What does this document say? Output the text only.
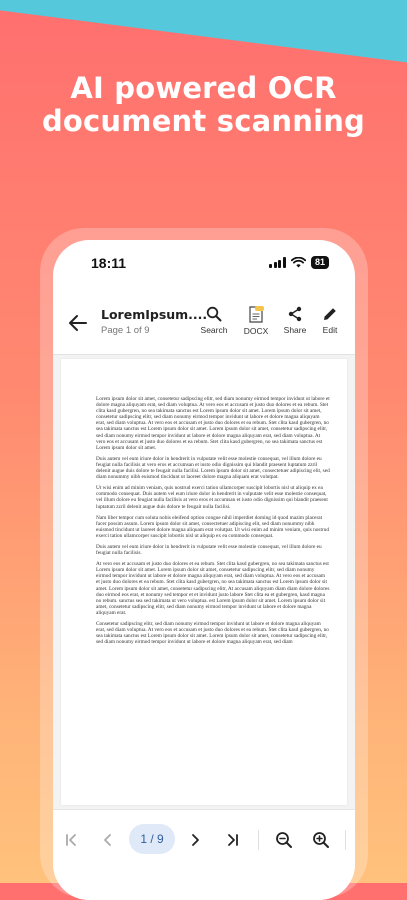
AI powered OCR
document scanning
18:11	81
LoremIpsum....
Page 1 of 9	Search	DOCX	Share	Edit

Lorem ipsum dolor sit amet, consetetur sadipscing elitr, sed diam nonumy eirmod tempor invidunt ut labore et dolore magna aliquyam erat, sed diam voluptua. At vero eos et accusam et justo duo dolores et ea rebum. Stet clita kasd gubergren, no sea takimata sanctus est Lorem ipsum dolor sit amet. Lorem ipsum dolor sit amet, consetetur sadipscing elitr, sed diam nonumy eirmod tempor invidunt ut labore et dolore magna aliquyam erat, sed diam voluptua. At vero eos et accusam et justo duo dolores et ea rebum. Stet clita kasd gubergren, no sea takimata sanctus est Lorem ipsum dolor sit amet. Lorem ipsum dolor sit amet, consetetur sadipscing elitr, sed diam nonumy eirmod tempor invidunt ut labore et dolore magna aliquyam erat, sed diam voluptua. At vero eos et accusam et justo duo dolores et ea rebum. Stet clita kasd gubergren, no sea takimata sanctus est Lorem ipsum dolor sit amet.

Duis autem vel eum iriure dolor in hendrerit in vulputate velit esse molestie consequat, vel illum dolore eu feugiat nulla facilisis at vero eros et accumsan et iusto odio dignissim qui blandit praesent luptatum zzril delenit augue duis dolore te feugait nulla facilisi. Lorem ipsum dolor sit amet, consectetuer adipiscing elit, sed diam nonummy nibh euismod tincidunt ut laoreet dolore magna aliquam erat volutpat.

Ut wisi enim ad minim veniam, quis nostrud exerci tation ullamcorper suscipit lobortis nisl ut aliquip ex ea commodo consequat. Duis autem vel eum iriure dolor in hendrerit in vulputate velit esse molestie consequat, vel illum dolore eu feugiat nulla facilisis at vero eros et accumsan et iusto odio dignissim qui blandit praesent luptatum zzril delenit augue duis dolore te feugait nulla facilisi.

Nam liber tempor cum soluta nobis eleifend option congue nihil imperdiet doming id quod mazim placerat facer possim assum. Lorem ipsum dolor sit amet, consectetuer adipiscing elit, sed diam nonummy nibh euismod tincidunt ut laoreet dolore magna aliquam erat volutpat. Ut wisi enim ad minim veniam, quis nostrud exerci tation ullamcorper suscipit lobortis nisl ut aliquip ex ea commodo consequat.

Duis autem vel eum iriure dolor in hendrerit in vulputate velit esse molestie consequat, vel illum dolore eu feugiat nulla facilisis.

At vero eos et accusam et justo duo dolores et ea rebum. Stet clita kasd gubergren, no sea takimata sanctus est Lorem ipsum dolor sit amet. Lorem ipsum dolor sit amet, consetetur sadipscing elitr, sed diam nonumy eirmod tempor invidunt ut labore et dolore magna aliquyam erat, sed diam voluptua. At vero eos et accusam et justo duo dolores et ea rebum. Stet clita kasd gubergren, no sea takimata sanctus est Lorem ipsum dolor sit amet. Lorem ipsum dolor sit amet, consetetur sadipscing elitr, At accusam aliquyam diam diam dolore dolores duo eirmod eos erat, et nonumy sed tempor et et invidunt justo labore Stet clita ea et gubergren, kasd magna no rebum. sanctus sea sed takimata ut vero voluptua. est Lorem ipsum dolor sit amet. Lorem ipsum dolor sit amet, consetetur sadipscing elitr, sed diam nonumy eirmod tempor invidunt ut labore et dolore magna aliquyam erat.

Consetetur sadipscing elitr, sed diam nonumy eirmod tempor invidunt ut labore et dolore magna aliquyam erat, sed diam voluptua. At vero eos et accusam et justo duo dolores et ea rebum. Stet clita kasd gubergren, no sea takimata sanctus est Lorem ipsum dolor sit amet. Lorem ipsum dolor sit amet, consetetur sadipscing elitr, sed diam nonumy eirmod tempor invidunt ut labore et dolore magna aliquyam erat, sed diam

1 / 9
